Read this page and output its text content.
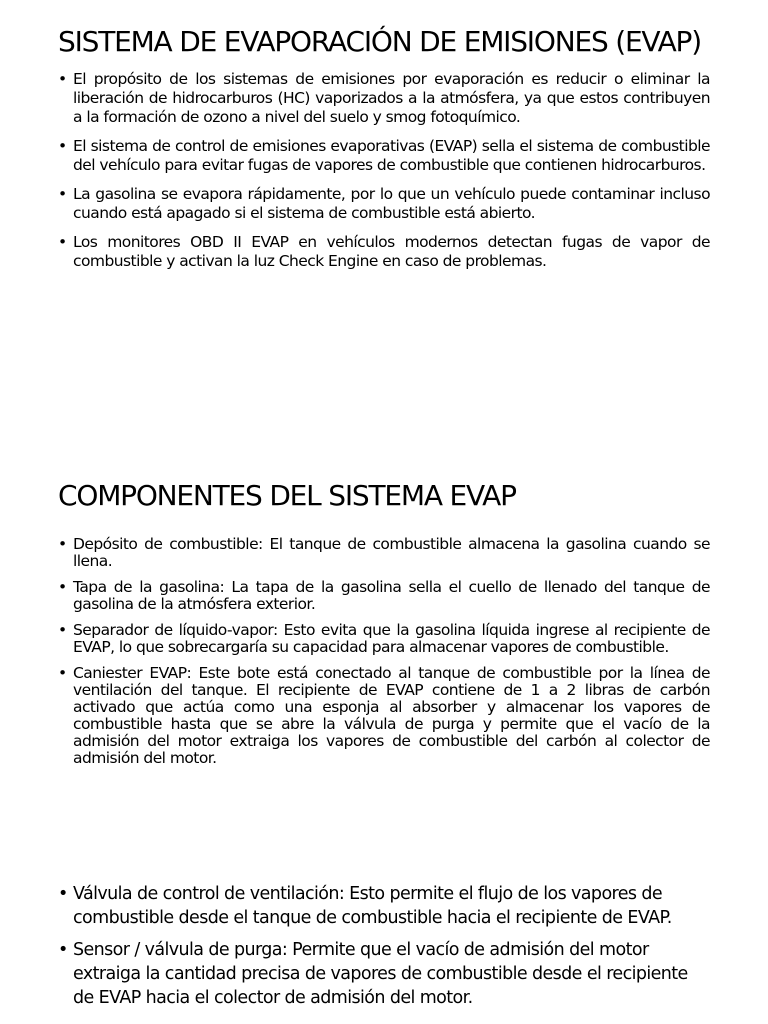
SISTEMA DE EVAPORACIÓN DE EMISIONES (EVAP)
• El propósito de los sistemas de emisiones por evaporación es reducir o eliminar la liberación de hidrocarburos (HC) vaporizados a la atmósfera, ya que estos contribuyen a la formación de ozono a nivel del suelo y smog fotoquímico.
• El sistema de control de emisiones evaporativas (EVAP) sella el sistema de combustible del vehículo para evitar fugas de vapores de combustible que contienen hidrocarburos.
• La gasolina se evapora rápidamente, por lo que un vehículo puede contaminar incluso cuando está apagado si el sistema de combustible está abierto.
• Los monitores OBD II EVAP en vehículos modernos detectan fugas de vapor de combustible y activan la luz Check Engine en caso de problemas.
COMPONENTES DEL SISTEMA EVAP
• Depósito de combustible: El tanque de combustible almacena la gasolina cuando se llena.
• Tapa de la gasolina: La tapa de la gasolina sella el cuello de llenado del tanque de gasolina de la atmósfera exterior.
• Separador de líquido-vapor: Esto evita que la gasolina líquida ingrese al recipiente de EVAP, lo que sobrecargaría su capacidad para almacenar vapores de combustible.
• Caniester EVAP: Este bote está conectado al tanque de combustible por la línea de ventilación del tanque. El recipiente de EVAP contiene de 1 a 2 libras de carbón activado que actúa como una esponja al absorber y almacenar los vapores de combustible hasta que se abre la válvula de purga y permite que el vacío de la admisión del motor extraiga los vapores de combustible del carbón al colector de admisión del motor.
• Válvula de control de ventilación: Esto permite el flujo de los vapores de combustible desde el tanque de combustible hacia el recipiente de EVAP.
• Sensor / válvula de purga: Permite que el vacío de admisión del motor extraiga la cantidad precisa de vapores de combustible desde el recipiente de EVAP hacia el colector de admisión del motor.
